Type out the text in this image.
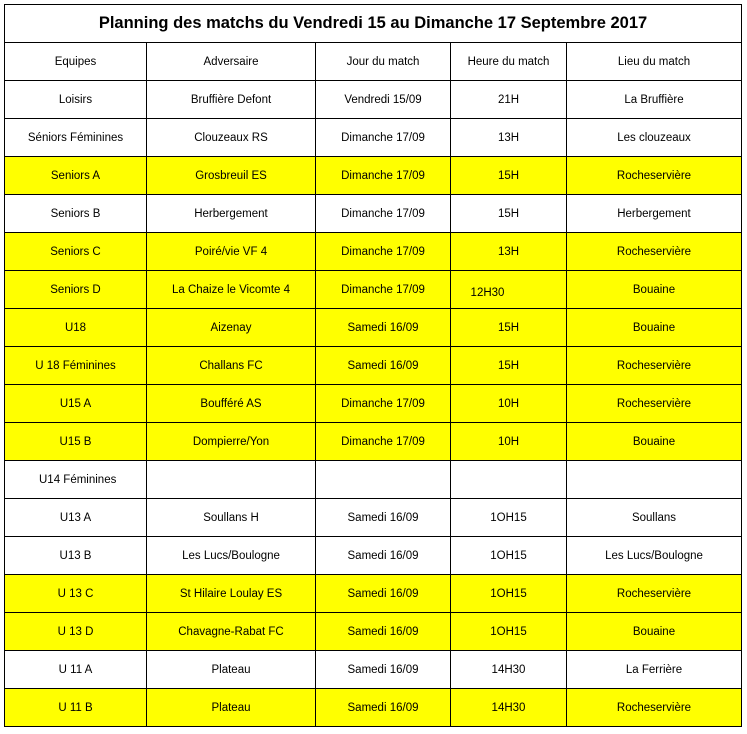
Planning des matchs du Vendredi 15 au Dimanche 17 Septembre 2017				
Equipes	Adversaire	Jour du match	Heure du match	Lieu du match
Loisirs	Bruffière Defont	Vendredi 15/09	21H	La Bruffière
Séniors Féminines	Clouzeaux RS	Dimanche 17/09	13H	Les clouzeaux
Seniors A	Grosbreuil ES	Dimanche 17/09	15H	Rocheservière
Seniors B	Herbergement	Dimanche 17/09	15H	Herbergement
Seniors C	Poiré/vie VF 4	Dimanche 17/09	13H	Rocheservière
Seniors D	La Chaize le Vicomte 4	Dimanche 17/09	12H30	Bouaine
U18	Aizenay	Samedi 16/09	15H	Bouaine
U 18 Féminines	Challans FC	Samedi 16/09	15H	Rocheservière
U15 A	Boufféré AS	Dimanche 17/09	10H	Rocheservière
U15 B	Dompierre/Yon	Dimanche 17/09	10H	Bouaine
U14 Féminines				
U13 A	Soullans H	Samedi 16/09	1OH15	Soullans
U13 B	Les Lucs/Boulogne	Samedi 16/09	1OH15	Les Lucs/Boulogne
U 13 C	St Hilaire Loulay ES	Samedi 16/09	1OH15	Rocheservière
U 13 D	Chavagne-Rabat FC	Samedi 16/09	1OH15	Bouaine
U 11 A	Plateau	Samedi 16/09	14H30	La Ferrière
U 11 B	Plateau	Samedi 16/09	14H30	Rocheservière
